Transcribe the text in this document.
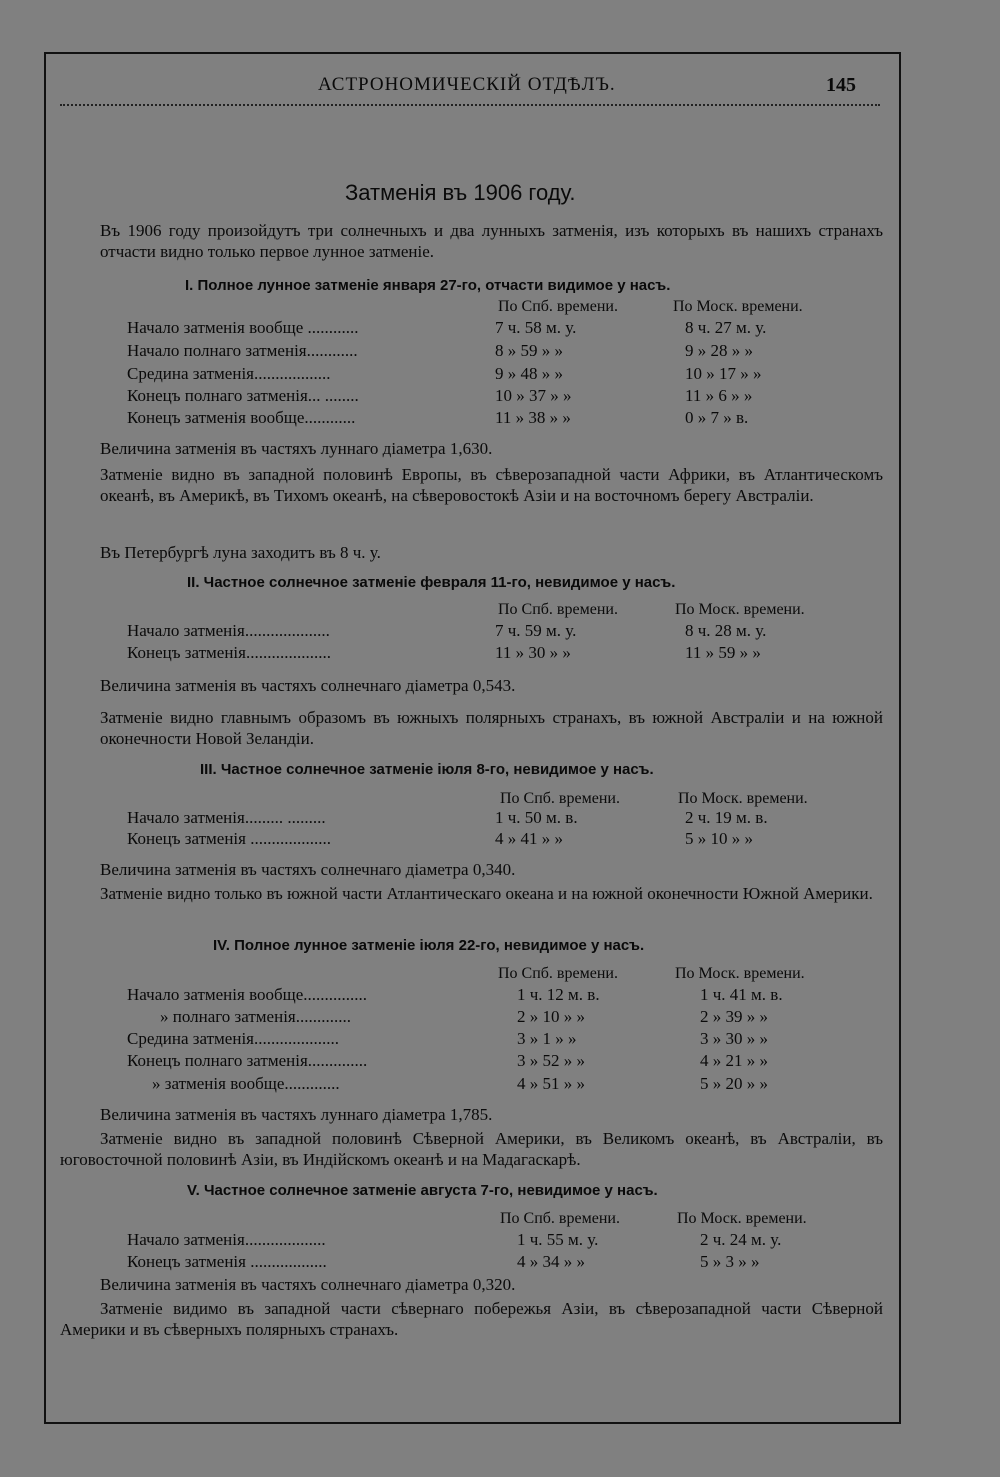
АСТРОНОМИЧЕСКІЙ ОТДѢЛЪ.	145
Затменія въ 1906 году.
Въ 1906 году произойдутъ три солнечныхъ и два лунныхъ затменія, изъ которыхъ въ нашихъ странахъ отчасти видно только первое лунное затменіе.
I. Полное лунное затменіе января 27-го, отчасти видимое у насъ.
По Спб. времени.	По Моск. времени.
Начало затменія вообще ............	7 ч. 58 м. у.	8 ч. 27 м. у.
Начало полнаго затменія............	8 » 59 » »	9 » 28 » »
Средина затменія..................	9 » 48 » »	10 » 17 » »
Конецъ полнаго затменія... ........	10 » 37 » »	11 » 6 » »
Конецъ затменія вообще............	11 » 38 » »	0 » 7 » в.
Величина затменія въ частяхъ луннаго діаметра 1,630.
Затменіе видно въ западной половинѣ Европы, въ сѣверозападной части Африки, въ Атлантическомъ океанѣ, въ Америкѣ, въ Тихомъ океанѣ, на сѣверовостокѣ Азіи и на восточномъ берегу Австраліи.
Въ Петербургѣ луна заходитъ въ 8 ч. у.
II. Частное солнечное затменіе февраля 11-го, невидимое у насъ.
По Спб. времени.	По Моск. времени.
Начало затменія....................	7 ч. 59 м. у.	8 ч. 28 м. у.
Конецъ затменія....................	11 » 30 » »	11 » 59 » »
Величина затменія въ частяхъ солнечнаго діаметра 0,543.
Затменіе видно главнымъ образомъ въ южныхъ полярныхъ странахъ, въ южной Австраліи и на южной оконечности Новой Зеландіи.
III. Частное солнечное затменіе іюля 8-го, невидимое у насъ.
По Спб. времени.	По Моск. времени.
Начало затменія......... .........	1 ч. 50 м. в.	2 ч. 19 м. в.
Конецъ затменія ...................	4 » 41 » »	5 » 10 » »
Величина затменія въ частяхъ солнечнаго діаметра 0,340.
Затменіе видно только въ южной части Атлантическаго океана и на южной оконечности Южной Америки.
IV. Полное лунное затменіе іюля 22-го, невидимое у насъ.
По Спб. времени.	По Моск. времени.
Начало затменія вообще...............	1 ч. 12 м. в.	1 ч. 41 м. в.
» полнаго затменія.............	2 » 10 » »	2 » 39 » »
Средина затменія....................	3 » 1 » »	3 » 30 » »
Конецъ полнаго затменія..............	3 » 52 » »	4 » 21 » »
» затменія вообще.............	4 » 51 » »	5 » 20 » »
Величина затменія въ частяхъ луннаго діаметра 1,785.
Затменіе видно въ западной половинѣ Сѣверной Америки, въ Великомъ океанѣ, въ Австраліи, въ юговосточной половинѣ Азіи, въ Индійскомъ океанѣ и на Мадагаскарѣ.
V. Частное солнечное затменіе августа 7-го, невидимое у насъ.
По Спб. времени.	По Моск. времени.
Начало затменія...................	1 ч. 55 м. у.	2 ч. 24 м. у.
Конецъ затменія ..................	4 » 34 » »	5 » 3 » »
Величина затменія въ частяхъ солнечнаго діаметра 0,320.
Затменіе видимо въ западной части сѣвернаго побережья Азіи, въ сѣверозападной части Сѣверной Америки и въ сѣверныхъ полярныхъ странахъ.
